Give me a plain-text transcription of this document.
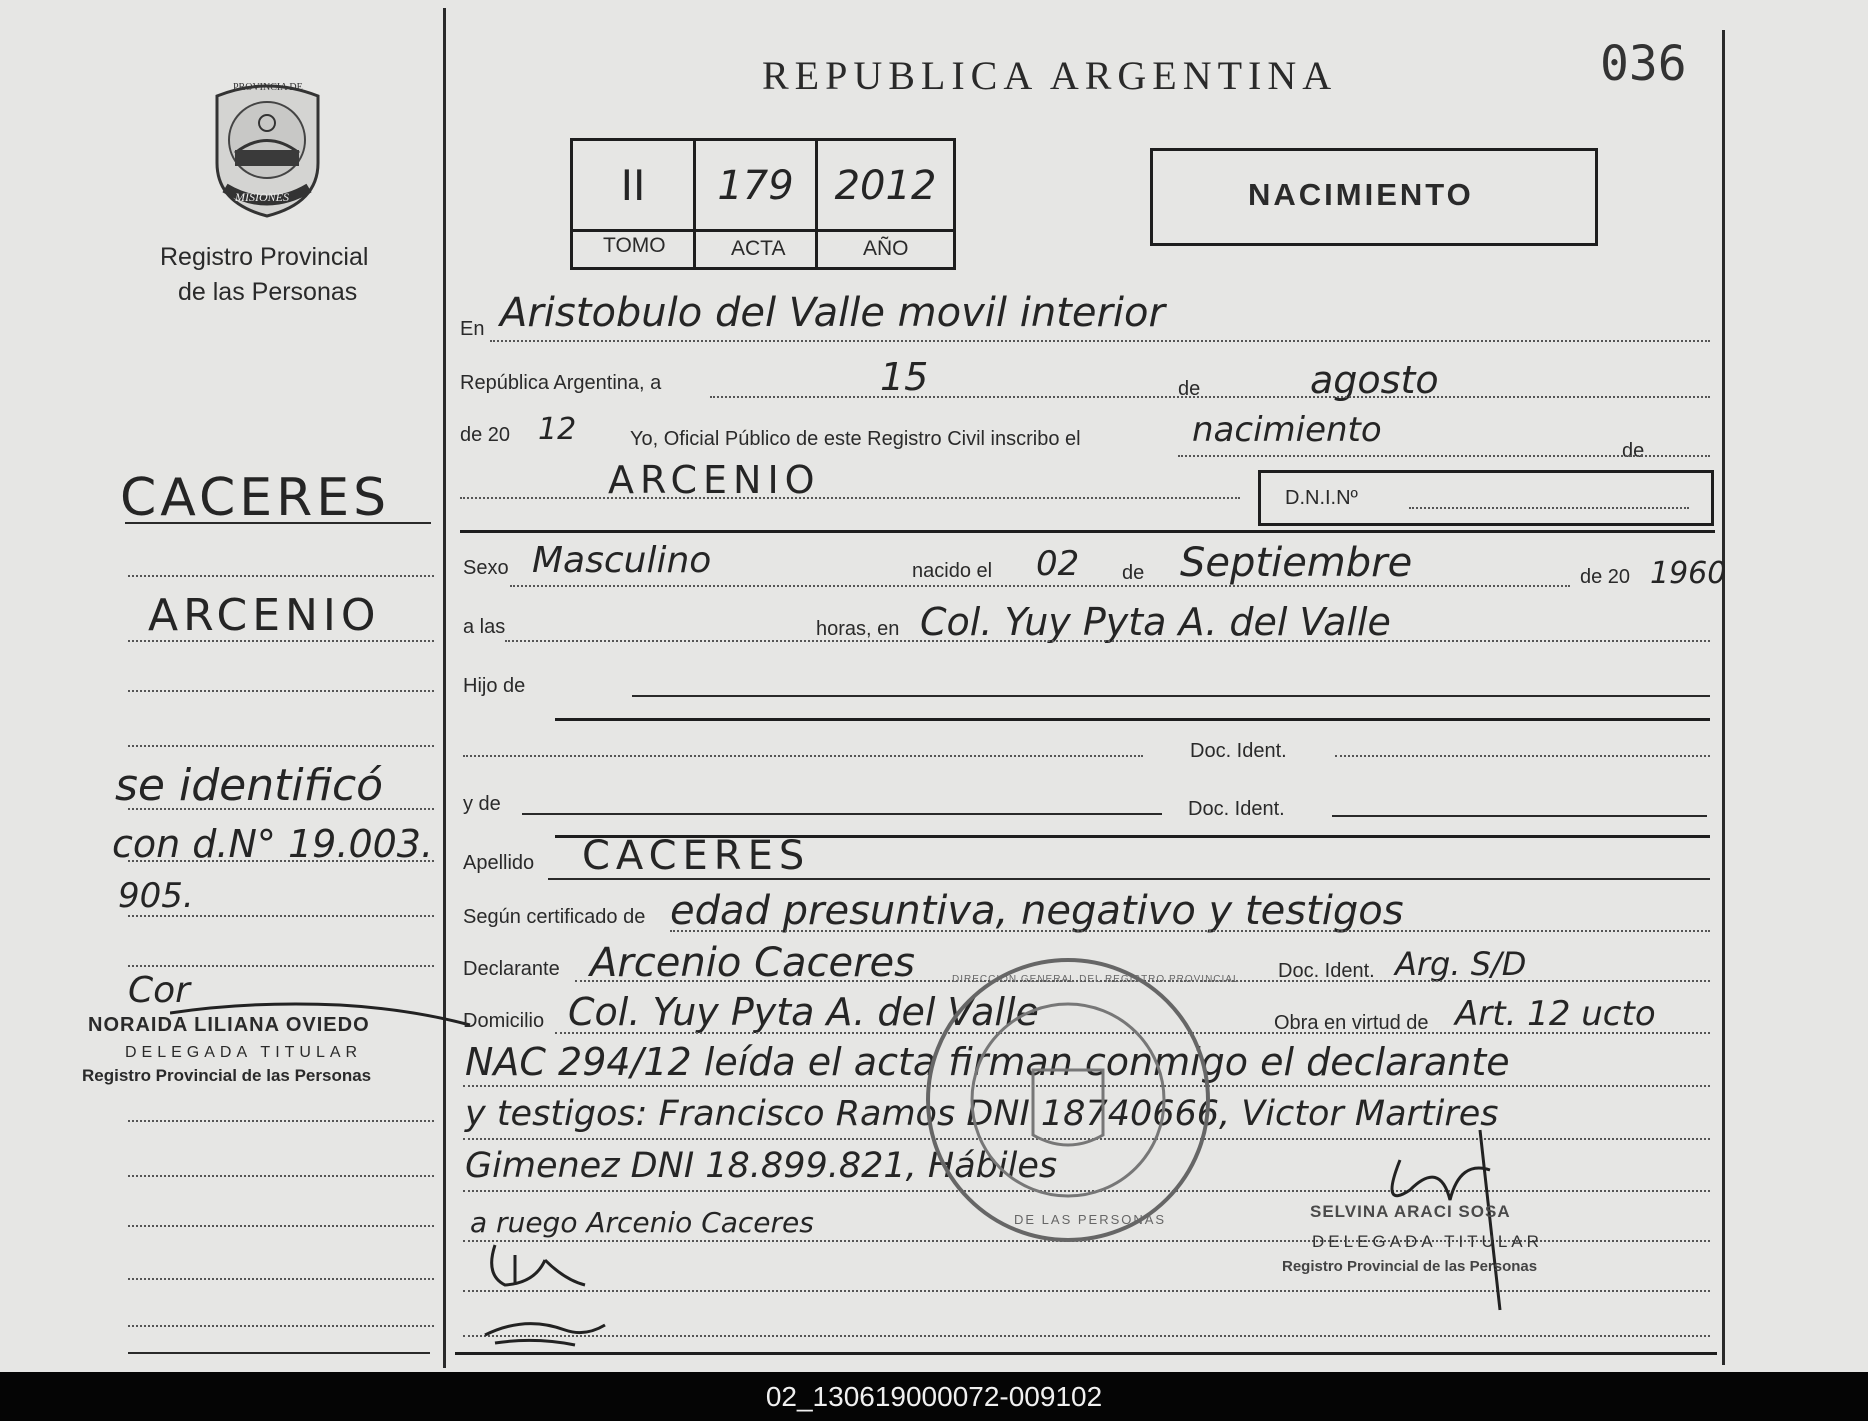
PROVINCIA DE
MISIONES
Registro Provincial
de las Personas
REPUBLICA ARGENTINA	036
II	179	2012
TOMO	ACTA	AÑO
NACIMIENTO
En Aristobulo del Valle movil interior
República Argentina, a	15	de	agosto
de 20 12	Yo, Oficial Público de este Registro Civil inscribo el	nacimiento
de
ARCENIO	D.N.I.Nº
CACERES
ARCENIO
se identificó
con d.N° 19.003.
905.
Cor
NORAIDA LILIANA OVIEDO
DELEGADA TITULAR
Registro Provincial de las Personas
Sexo Masculino	nacido el 02 de Septiembre	de 20 1960
a las	horas, en Col. Yuy Pyta A. del Valle
Hijo de
Doc. Ident.
y de	Doc. Ident.
Apellido CACERES
Según certificado de edad presuntiva, negativo y testigos
Declarante Arcenio Caceres	Doc. Ident. Arg. S/D
Domicilio Col. Yuy Pyta A. del Valle	Obra en virtud de Art. 12 ucto
NAC 294/12 leída el acta firman conmigo el declarante
y testigos: Francisco Ramos DNI 18740666, Victor Martires
Gimenez DNI 18.899.821, Hábiles
a ruego Arcenio Caceres
DIRECCION GENERAL DEL REGISTRO PROVINCIAL
DE LAS PERSONAS	SELVINA ARACI SOSA
DELEGADA TITULAR
Registro Provincial de las Personas
02_130619000072-009102
